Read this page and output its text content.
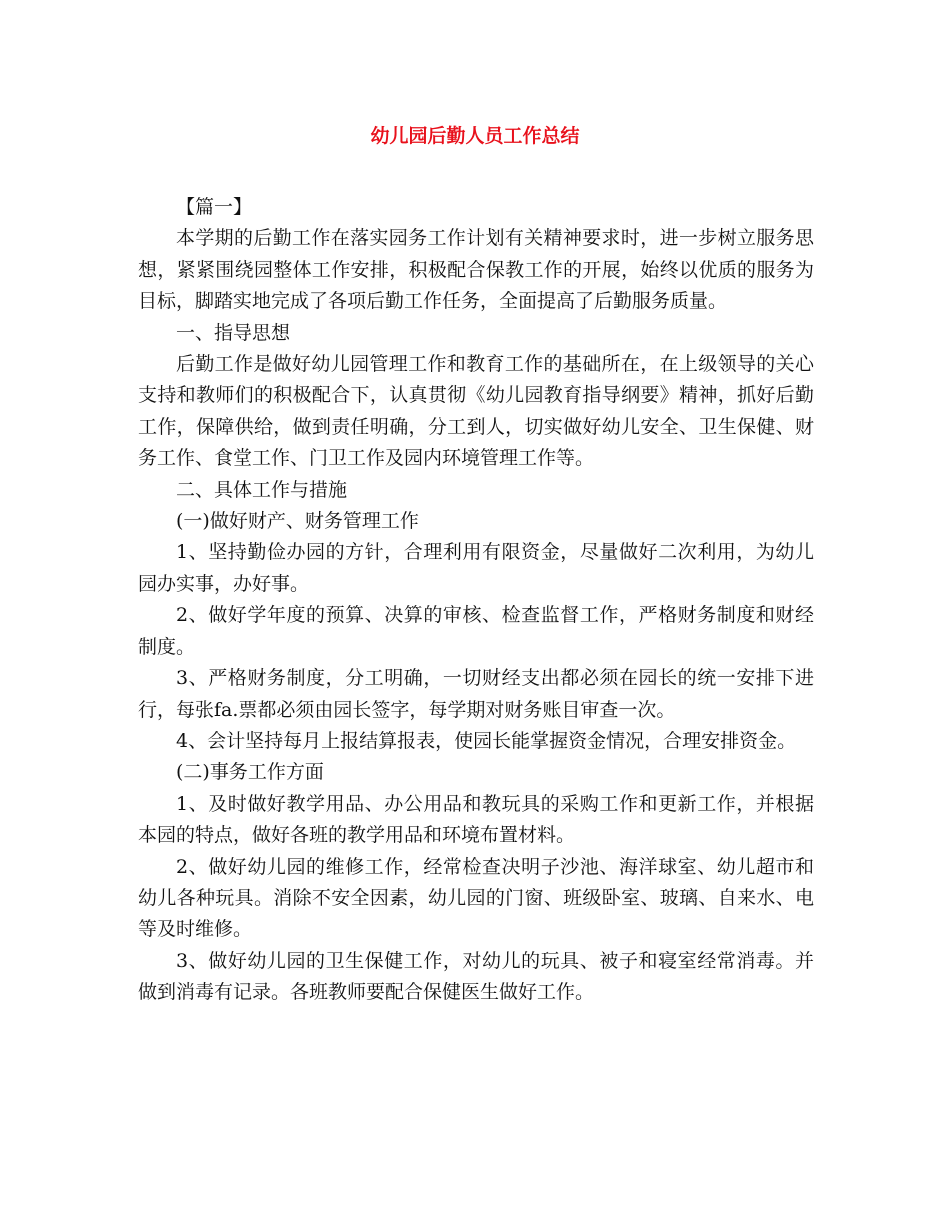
幼儿园后勤人员工作总结

【篇一】

本学期的后勤工作在落实园务工作计划有关精神要求时，进一步树立服务思想，紧紧围绕园整体工作安排，积极配合保教工作的开展，始终以优质的服务为目标，脚踏实地完成了各项后勤工作任务，全面提高了后勤服务质量。

一、指导思想

后勤工作是做好幼儿园管理工作和教育工作的基础所在，在上级领导的关心支持和教师们的积极配合下，认真贯彻《幼儿园教育指导纲要》精神，抓好后勤工作，保障供给，做到责任明确，分工到人，切实做好幼儿安全、卫生保健、财务工作、食堂工作、门卫工作及园内环境管理工作等。

二、具体工作与措施

(一)做好财产、财务管理工作

1、坚持勤俭办园的方针，合理利用有限资金，尽量做好二次利用，为幼儿园办实事，办好事。

2、做好学年度的预算、决算的审核、检查监督工作，严格财务制度和财经制度。

3、严格财务制度，分工明确，一切财经支出都必须在园长的统一安排下进行，每张fa.票都必须由园长签字，每学期对财务账目审查一次。

4、会计坚持每月上报结算报表，使园长能掌握资金情况，合理安排资金。

(二)事务工作方面

1、及时做好教学用品、办公用品和教玩具的采购工作和更新工作，并根据本园的特点，做好各班的教学用品和环境布置材料。

2、做好幼儿园的维修工作，经常检查决明子沙池、海洋球室、幼儿超市和幼儿各种玩具。消除不安全因素，幼儿园的门窗、班级卧室、玻璃、自来水、电等及时维修。

3、做好幼儿园的卫生保健工作，对幼儿的玩具、被子和寝室经常消毒。并做到消毒有记录。各班教师要配合保健医生做好工作。
